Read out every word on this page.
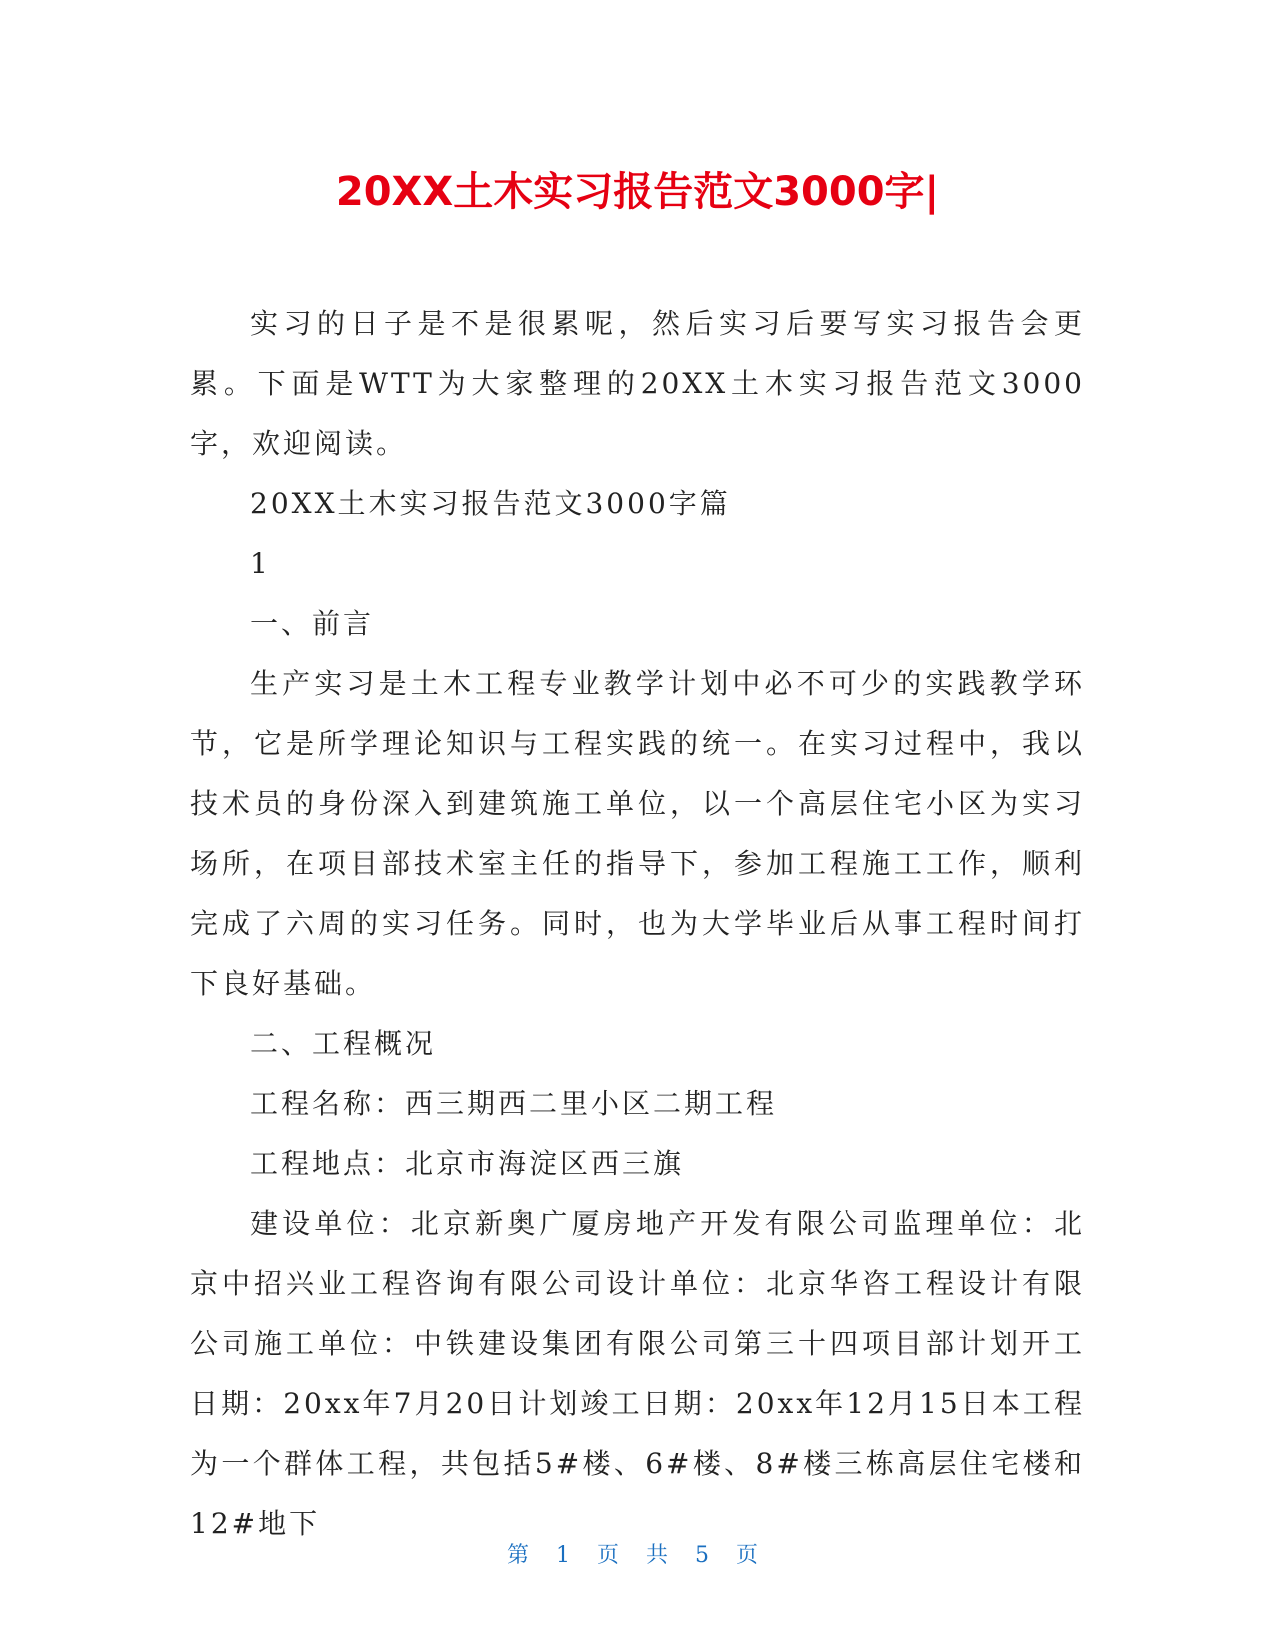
20XX土木实习报告范文3000字|

实习的日子是不是很累呢，然后实习后要写实习报告会更累。下面是WTT为大家整理的20XX土木实习报告范文3000字，欢迎阅读。

20XX土木实习报告范文3000字篇

1

一、前言

生产实习是土木工程专业教学计划中必不可少的实践教学环节，它是所学理论知识与工程实践的统一。在实习过程中，我以技术员的身份深入到建筑施工单位，以一个高层住宅小区为实习场所，在项目部技术室主任的指导下，参加工程施工工作，顺利完成了六周的实习任务。同时，也为大学毕业后从事工程时间打下良好基础。

二、工程概况

工程名称：西三期西二里小区二期工程

工程地点：北京市海淀区西三旗

建设单位：北京新奥广厦房地产开发有限公司监理单位：北京中招兴业工程咨询有限公司设计单位：北京华咨工程设计有限公司施工单位：中铁建设集团有限公司第三十四项目部计划开工日期：20xx年7月20日计划竣工日期：20xx年12月15日本工程为一个群体工程，共包括5#楼、6#楼、8#楼三栋高层住宅楼和12#地下

第 1 页 共 5 页
